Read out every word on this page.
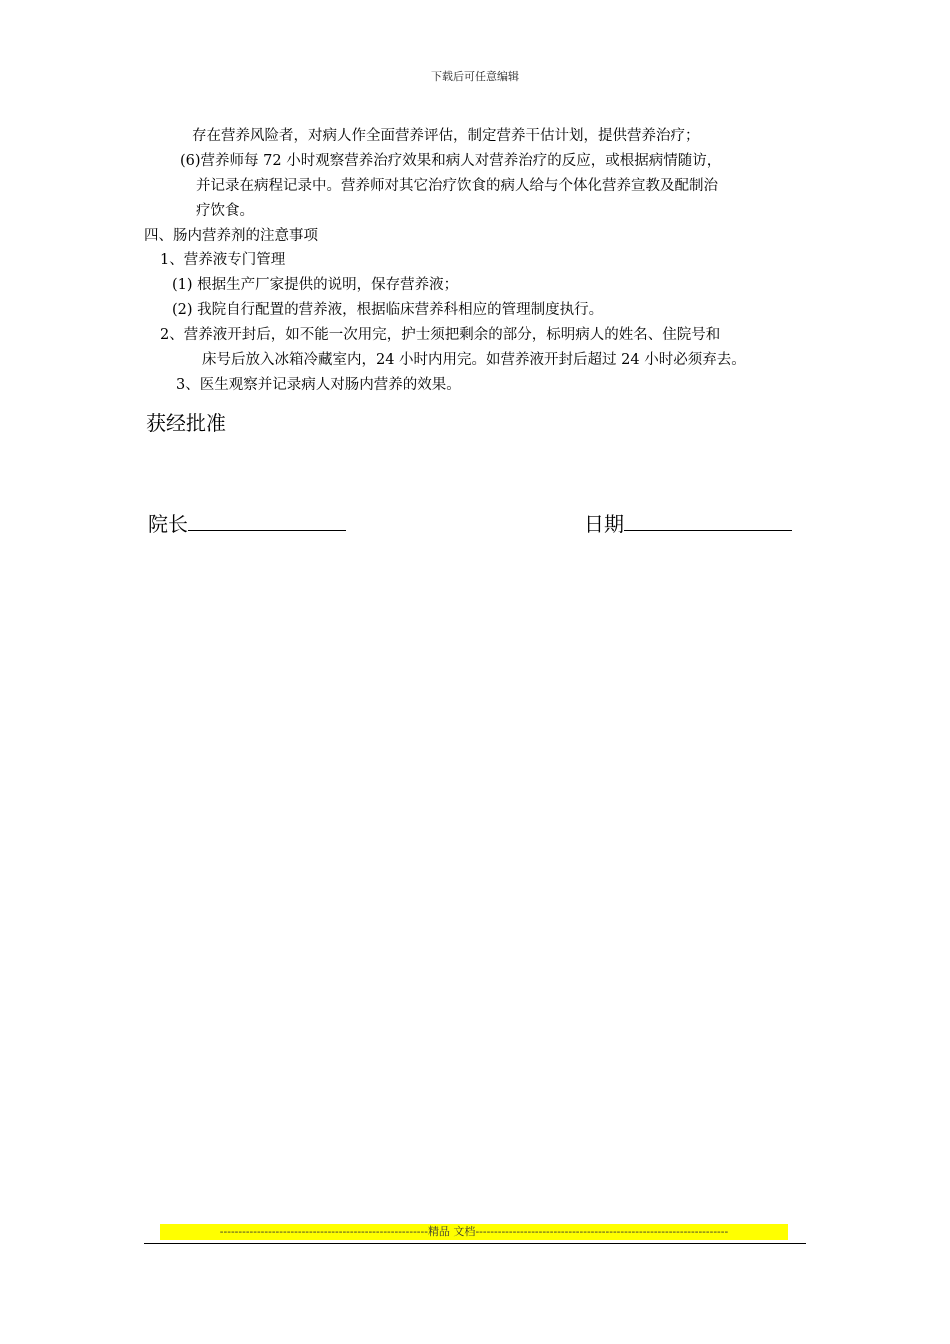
下载后可任意编辑
存在营养风险者，对病人作全面营养评估，制定营养干估计划，提供营养治疗；
(6)营养师每 72 小时观察营养治疗效果和病人对营养治疗的反应，或根据病情随访，
并记录在病程记录中。营养师对其它治疗饮食的病人给与个体化营养宣教及配制治
疗饮食。
四、肠内营养剂的注意事项
1、营养液专门管理
(1) 根据生产厂家提供的说明，保存营养液；
(2) 我院自行配置的营养液，根据临床营养科相应的管理制度执行。
2、营养液开封后，如不能一次用完，护士须把剩余的部分，标明病人的姓名、住院号和
床号后放入冰箱冷藏室内，24 小时内用完。如营养液开封后超过 24 小时必须弃去。
3、医生观察并记录病人对肠内营养的效果。
获经批准
院长	日期
--------------------------------------------------------精品 文档--------------------------------------------------------------------
